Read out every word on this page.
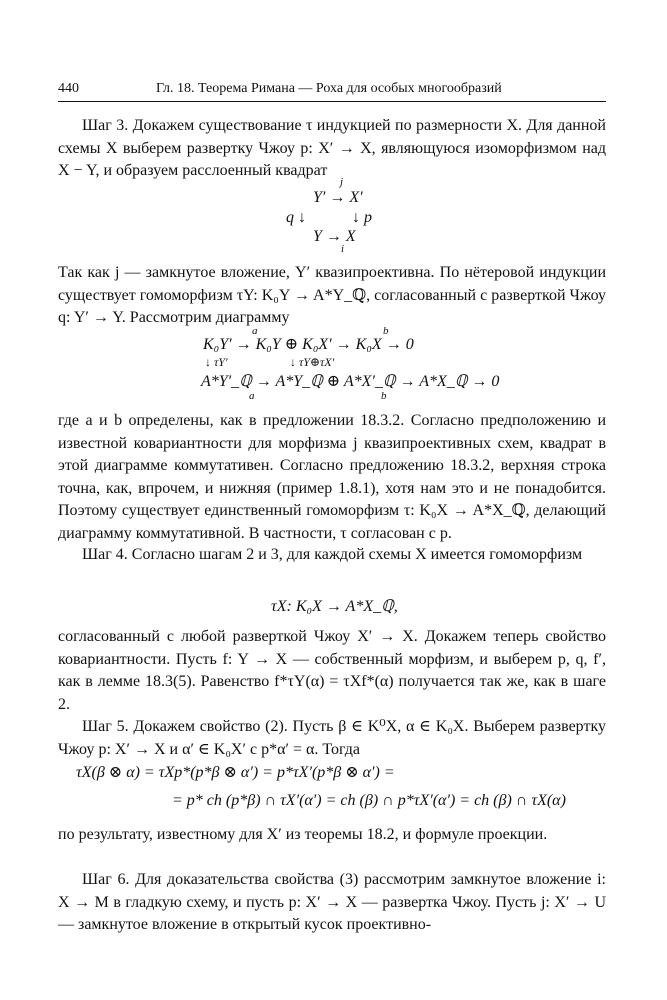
440	Гл. 18. Теорема Римана — Роха для особых многообразий

Шаг 3. Докажем существование τ индукцией по размерности X. Для данной схемы X выберем развертку Чжоу p: X′ → X, являющуюся изоморфизмом над X − Y, и образуем расслоенный квадрат

j
Y′ → X′
q ↓	↓ p
Y → X
i

Так как j — замкнутое вложение, Y′ квазипроективна. По нётеровой индукции существует гомоморфизм τY: K₀Y → A*Y_ℚ, согласованный с разверткой Чжоу q: Y′ → Y. Рассмотрим диаграмму

a	b
K₀Y′ → K₀Y ⊕ K₀X′ → K₀X → 0
↓ τY′	↓ τY⊕τX′
A*Y′_ℚ → A*Y_ℚ ⊕ A*X′_ℚ → A*X_ℚ → 0
a	b

где a и b определены, как в предложении 18.3.2. Согласно предположению и известной ковариантности для морфизма j квазипроективных схем, квадрат в этой диаграмме коммутативен. Согласно предложению 18.3.2, верхняя строка точна, как, впрочем, и нижняя (пример 1.8.1), хотя нам это и не понадобится. Поэтому существует единственный гомоморфизм τ: K₀X → A*X_ℚ, делающий диаграмму коммутативной. В частности, τ согласован с p.

Шаг 4. Согласно шагам 2 и 3, для каждой схемы X имеется гомоморфизм

τX: K₀X → A*X_ℚ,

согласованный с любой разверткой Чжоу X′ → X. Докажем теперь свойство ковариантности. Пусть f: Y → X — собственный морфизм, и выберем p, q, f′, как в лемме 18.3(5). Равенство f*τY(α) = τXf*(α) получается так же, как в шаге 2.

Шаг 5. Докажем свойство (2). Пусть β ∈ K⁰X, α ∈ K₀X. Выберем развертку Чжоу p: X′ → X и α′ ∈ K₀X′ с p*α′ = α. Тогда

τX(β ⊗ α) = τXp*(p*β ⊗ α′) = p*τX′(p*β ⊗ α′) =
= p* ch (p*β) ∩ τX′(α′) = ch (β) ∩ p*τX′(α′) = ch (β) ∩ τX(α)

по результату, известному для X′ из теоремы 18.2, и формуле проекции.

Шаг 6. Для доказательства свойства (3) рассмотрим замкнутое вложение i: X → M в гладкую схему, и пусть p: X′ → X — развертка Чжоу. Пусть j: X′ → U — замкнутое вложение в открытый кусок проективно-
